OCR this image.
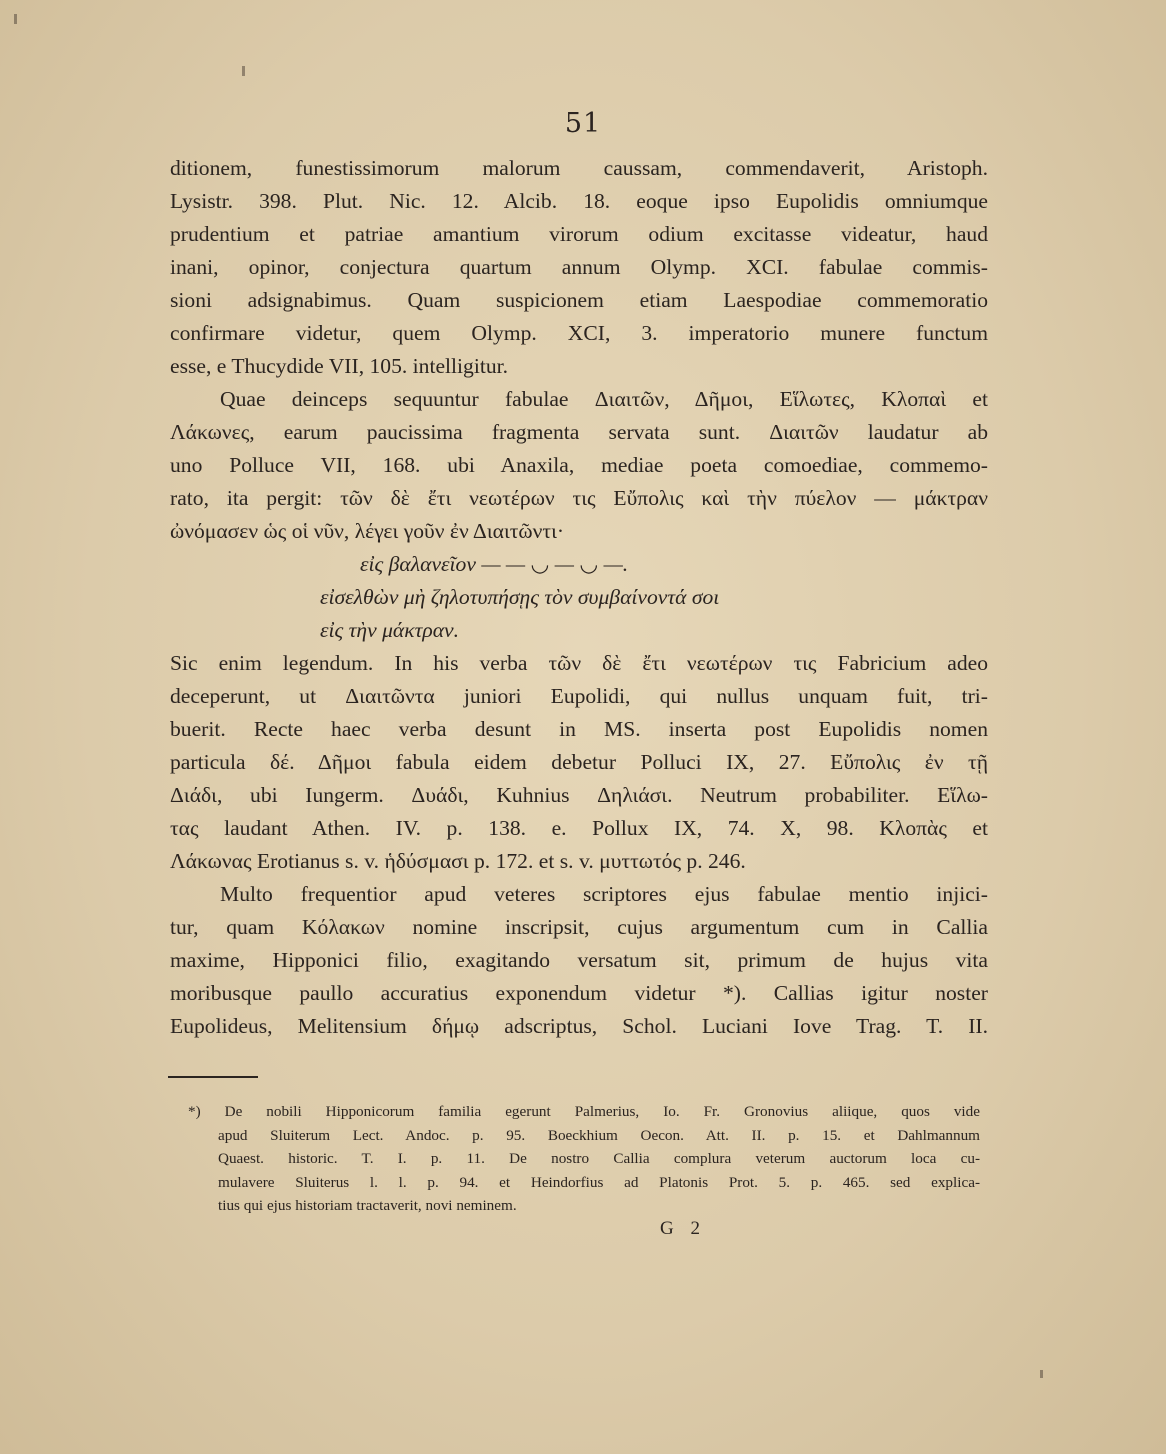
51
ditionem, funestissimorum malorum caussam, commendaverit, Aristoph.
Lysistr. 398. Plut. Nic. 12. Alcib. 18. eoque ipso Eupolidis omniumque
prudentium et patriae amantium virorum odium excitasse videatur, haud
inani, opinor, conjectura quartum annum Olymp. XCI. fabulae commis-
sioni adsignabimus. Quam suspicionem etiam Laespodiae commemoratio
confirmare videtur, quem Olymp. XCI, 3. imperatorio munere functum
esse, e Thucydide VII, 105. intelligitur.
Quae deinceps sequuntur fabulae Διαιτῶν, Δῆμοι, Εἵλωτες, Κλοπαὶ et
Λάκωνες, earum paucissima fragmenta servata sunt. Διαιτῶν laudatur ab
uno Polluce VII, 168. ubi Anaxila, mediae poeta comoediae, commemo-
rato, ita pergit: τῶν δὲ ἔτι νεωτέρων τις Εὔπολις καὶ τὴν πύελον — μάκτραν
ὠνόμασεν ὡς οἱ νῦν, λέγει γοῦν ἐν Διαιτῶντι·
εἰς βαλανεῖον — — ◡ — ◡ —.
εἰσελθὼν μὴ ζηλοτυπήσῃς τὸν συμβαίνοντά σοι
εἰς τὴν μάκτραν.
Sic enim legendum. In his verba τῶν δὲ ἔτι νεωτέρων τις Fabricium adeo
deceperunt, ut Διαιτῶντα juniori Eupolidi, qui nullus unquam fuit, tri-
buerit. Recte haec verba desunt in MS. inserta post Eupolidis nomen
particula δέ. Δῆμοι fabula eidem debetur Polluci IX, 27. Εὔπολις ἐν τῇ
Διάδι, ubi Iungerm. Δυάδι, Kuhnius Δηλιάσι. Neutrum probabiliter. Εἵλω-
τας laudant Athen. IV. p. 138. e. Pollux IX, 74. X, 98. Κλοπὰς et
Λάκωνας Erotianus s. v. ἡδύσμασι p. 172. et s. v. μυττωτός p. 246.
Multo frequentior apud veteres scriptores ejus fabulae mentio injici-
tur, quam Κόλακων nomine inscripsit, cujus argumentum cum in Callia
maxime, Hipponici filio, exagitando versatum sit, primum de hujus vita
moribusque paullo accuratius exponendum videtur *). Callias igitur noster
Eupolideus, Melitensium δήμῳ adscriptus, Schol. Luciani Iove Trag. T. II.
*) De nobili Hipponicorum familia egerunt Palmerius, Io. Fr. Gronovius aliique, quos vide
apud Sluiterum Lect. Andoc. p. 95. Boeckhium Oecon. Att. II. p. 15. et Dahlmannum
Quaest. historic. T. I. p. 11. De nostro Callia complura veterum auctorum loca cu-
mulavere Sluiterus l. l. p. 94. et Heindorfius ad Platonis Prot. 5. p. 465. sed explica-
tius qui ejus historiam tractaverit, novi neminem.
G 2
